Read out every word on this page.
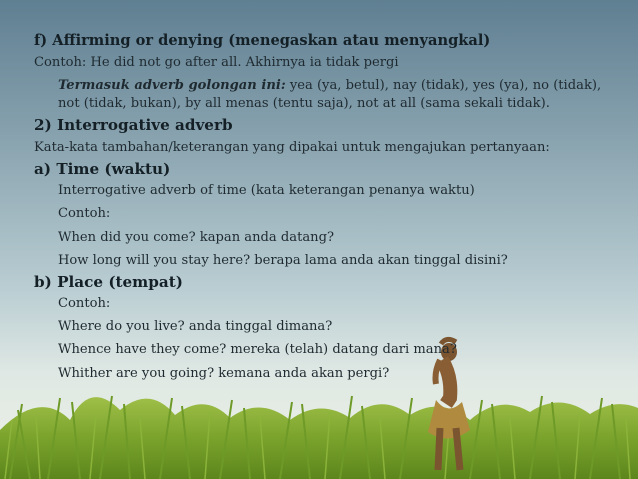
f) Affirming or denying (menegaskan atau menyangkal)
Contoh: He did not go after all. Akhirnya ia tidak pergi
Termasuk adverb golongan ini: yea (ya, betul), nay (tidak), yes (ya), no (tidak),
not (tidak, bukan), by all menas (tentu saja), not at all (sama sekali tidak).
2) Interrogative adverb
Kata-kata tambahan/keterangan yang dipakai untuk mengajukan pertanyaan:
a) Time (waktu)
Interrogative adverb of time (kata keterangan penanya waktu)
Contoh:
When did you come? kapan anda datang?
How long will you stay here? berapa lama anda akan tinggal disini?
b) Place (tempat)
Contoh:
Where do you live? anda tinggal dimana?
Whence have they come? mereka (telah) datang dari mana?
Whither are you going? kemana anda akan pergi?
